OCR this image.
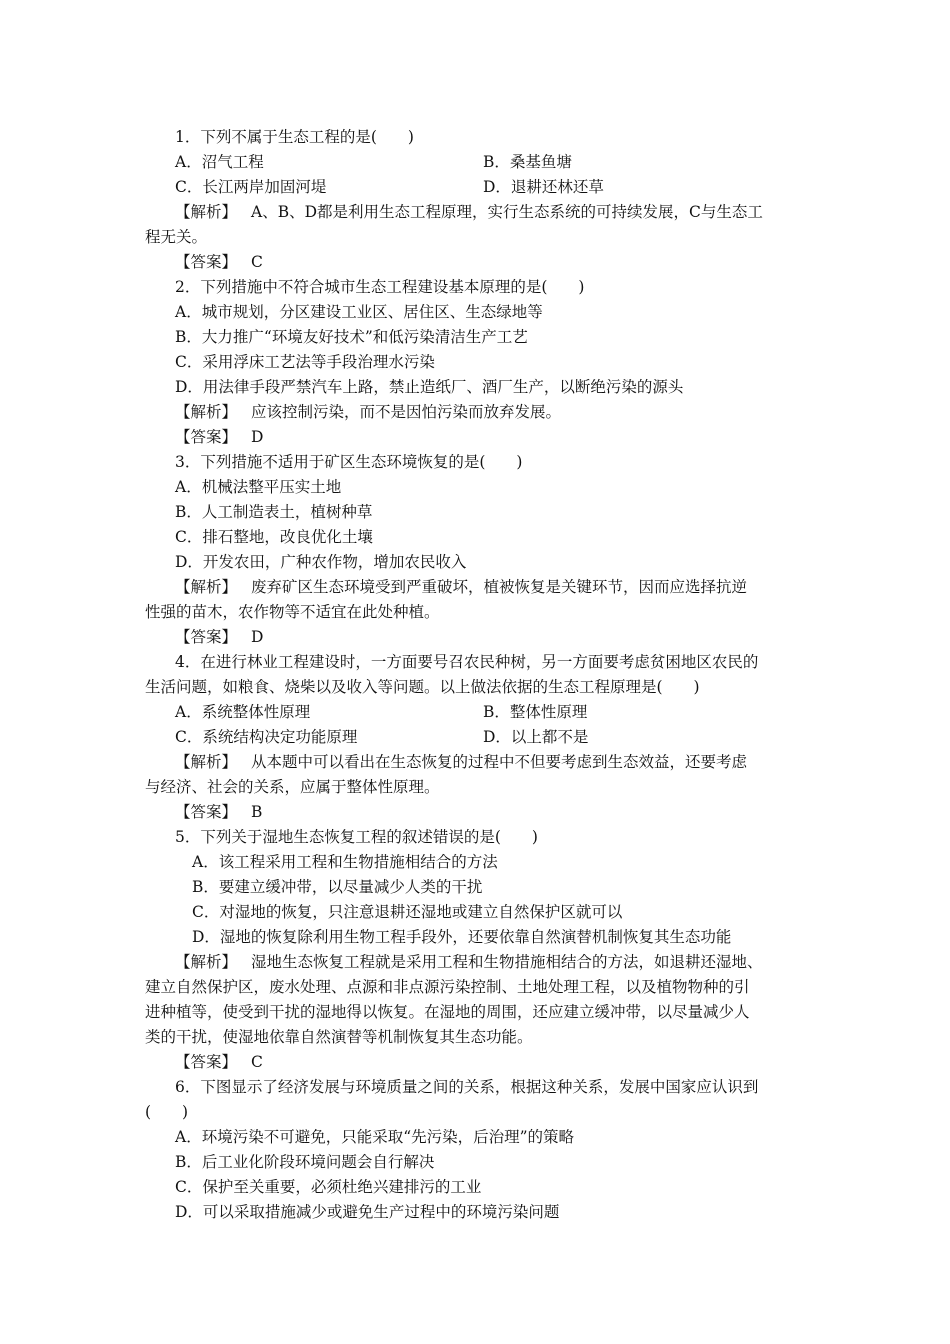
1．下列不属于生态工程的是(　　)
A．沼气工程	B．桑基鱼塘
C．长江两岸加固河堤	D．退耕还林还草
【解析】 A、B、D都是利用生态工程原理，实行生态系统的可持续发展，C与生态工
程无关。
【答案】 C
2．下列措施中不符合城市生态工程建设基本原理的是(　　)
A．城市规划，分区建设工业区、居住区、生态绿地等
B．大力推广“环境友好技术”和低污染清洁生产工艺
C．采用浮床工艺法等手段治理水污染
D．用法律手段严禁汽车上路，禁止造纸厂、酒厂生产，以断绝污染的源头
【解析】 应该控制污染，而不是因怕污染而放弃发展。
【答案】 D
3．下列措施不适用于矿区生态环境恢复的是(　　)
A．机械法整平压实土地
B．人工制造表土，植树种草
C．排石整地，改良优化土壤
D．开发农田，广种农作物，增加农民收入
【解析】 废弃矿区生态环境受到严重破坏，植被恢复是关键环节，因而应选择抗逆
性强的苗木，农作物等不适宜在此处种植。
【答案】 D
4．在进行林业工程建设时，一方面要号召农民种树，另一方面要考虑贫困地区农民的
生活问题，如粮食、烧柴以及收入等问题。以上做法依据的生态工程原理是(　　)
A．系统整体性原理	B．整体性原理
C．系统结构决定功能原理	D．以上都不是
【解析】 从本题中可以看出在生态恢复的过程中不但要考虑到生态效益，还要考虑
与经济、社会的关系，应属于整体性原理。
【答案】 B
5．下列关于湿地生态恢复工程的叙述错误的是(　　)
A．该工程采用工程和生物措施相结合的方法
B．要建立缓冲带，以尽量减少人类的干扰
C．对湿地的恢复，只注意退耕还湿地或建立自然保护区就可以
D．湿地的恢复除利用生物工程手段外，还要依靠自然演替机制恢复其生态功能
【解析】 湿地生态恢复工程就是采用工程和生物措施相结合的方法，如退耕还湿地、
建立自然保护区，废水处理、点源和非点源污染控制、土地处理工程，以及植物物种的引
进种植等，使受到干扰的湿地得以恢复。在湿地的周围，还应建立缓冲带，以尽量减少人
类的干扰，使湿地依靠自然演替等机制恢复其生态功能。
【答案】 C
6．下图显示了经济发展与环境质量之间的关系，根据这种关系，发展中国家应认识到
(　　)
A．环境污染不可避免，只能采取“先污染，后治理”的策略
B．后工业化阶段环境问题会自行解决
C．保护至关重要，必须杜绝兴建排污的工业
D．可以采取措施减少或避免生产过程中的环境污染问题
